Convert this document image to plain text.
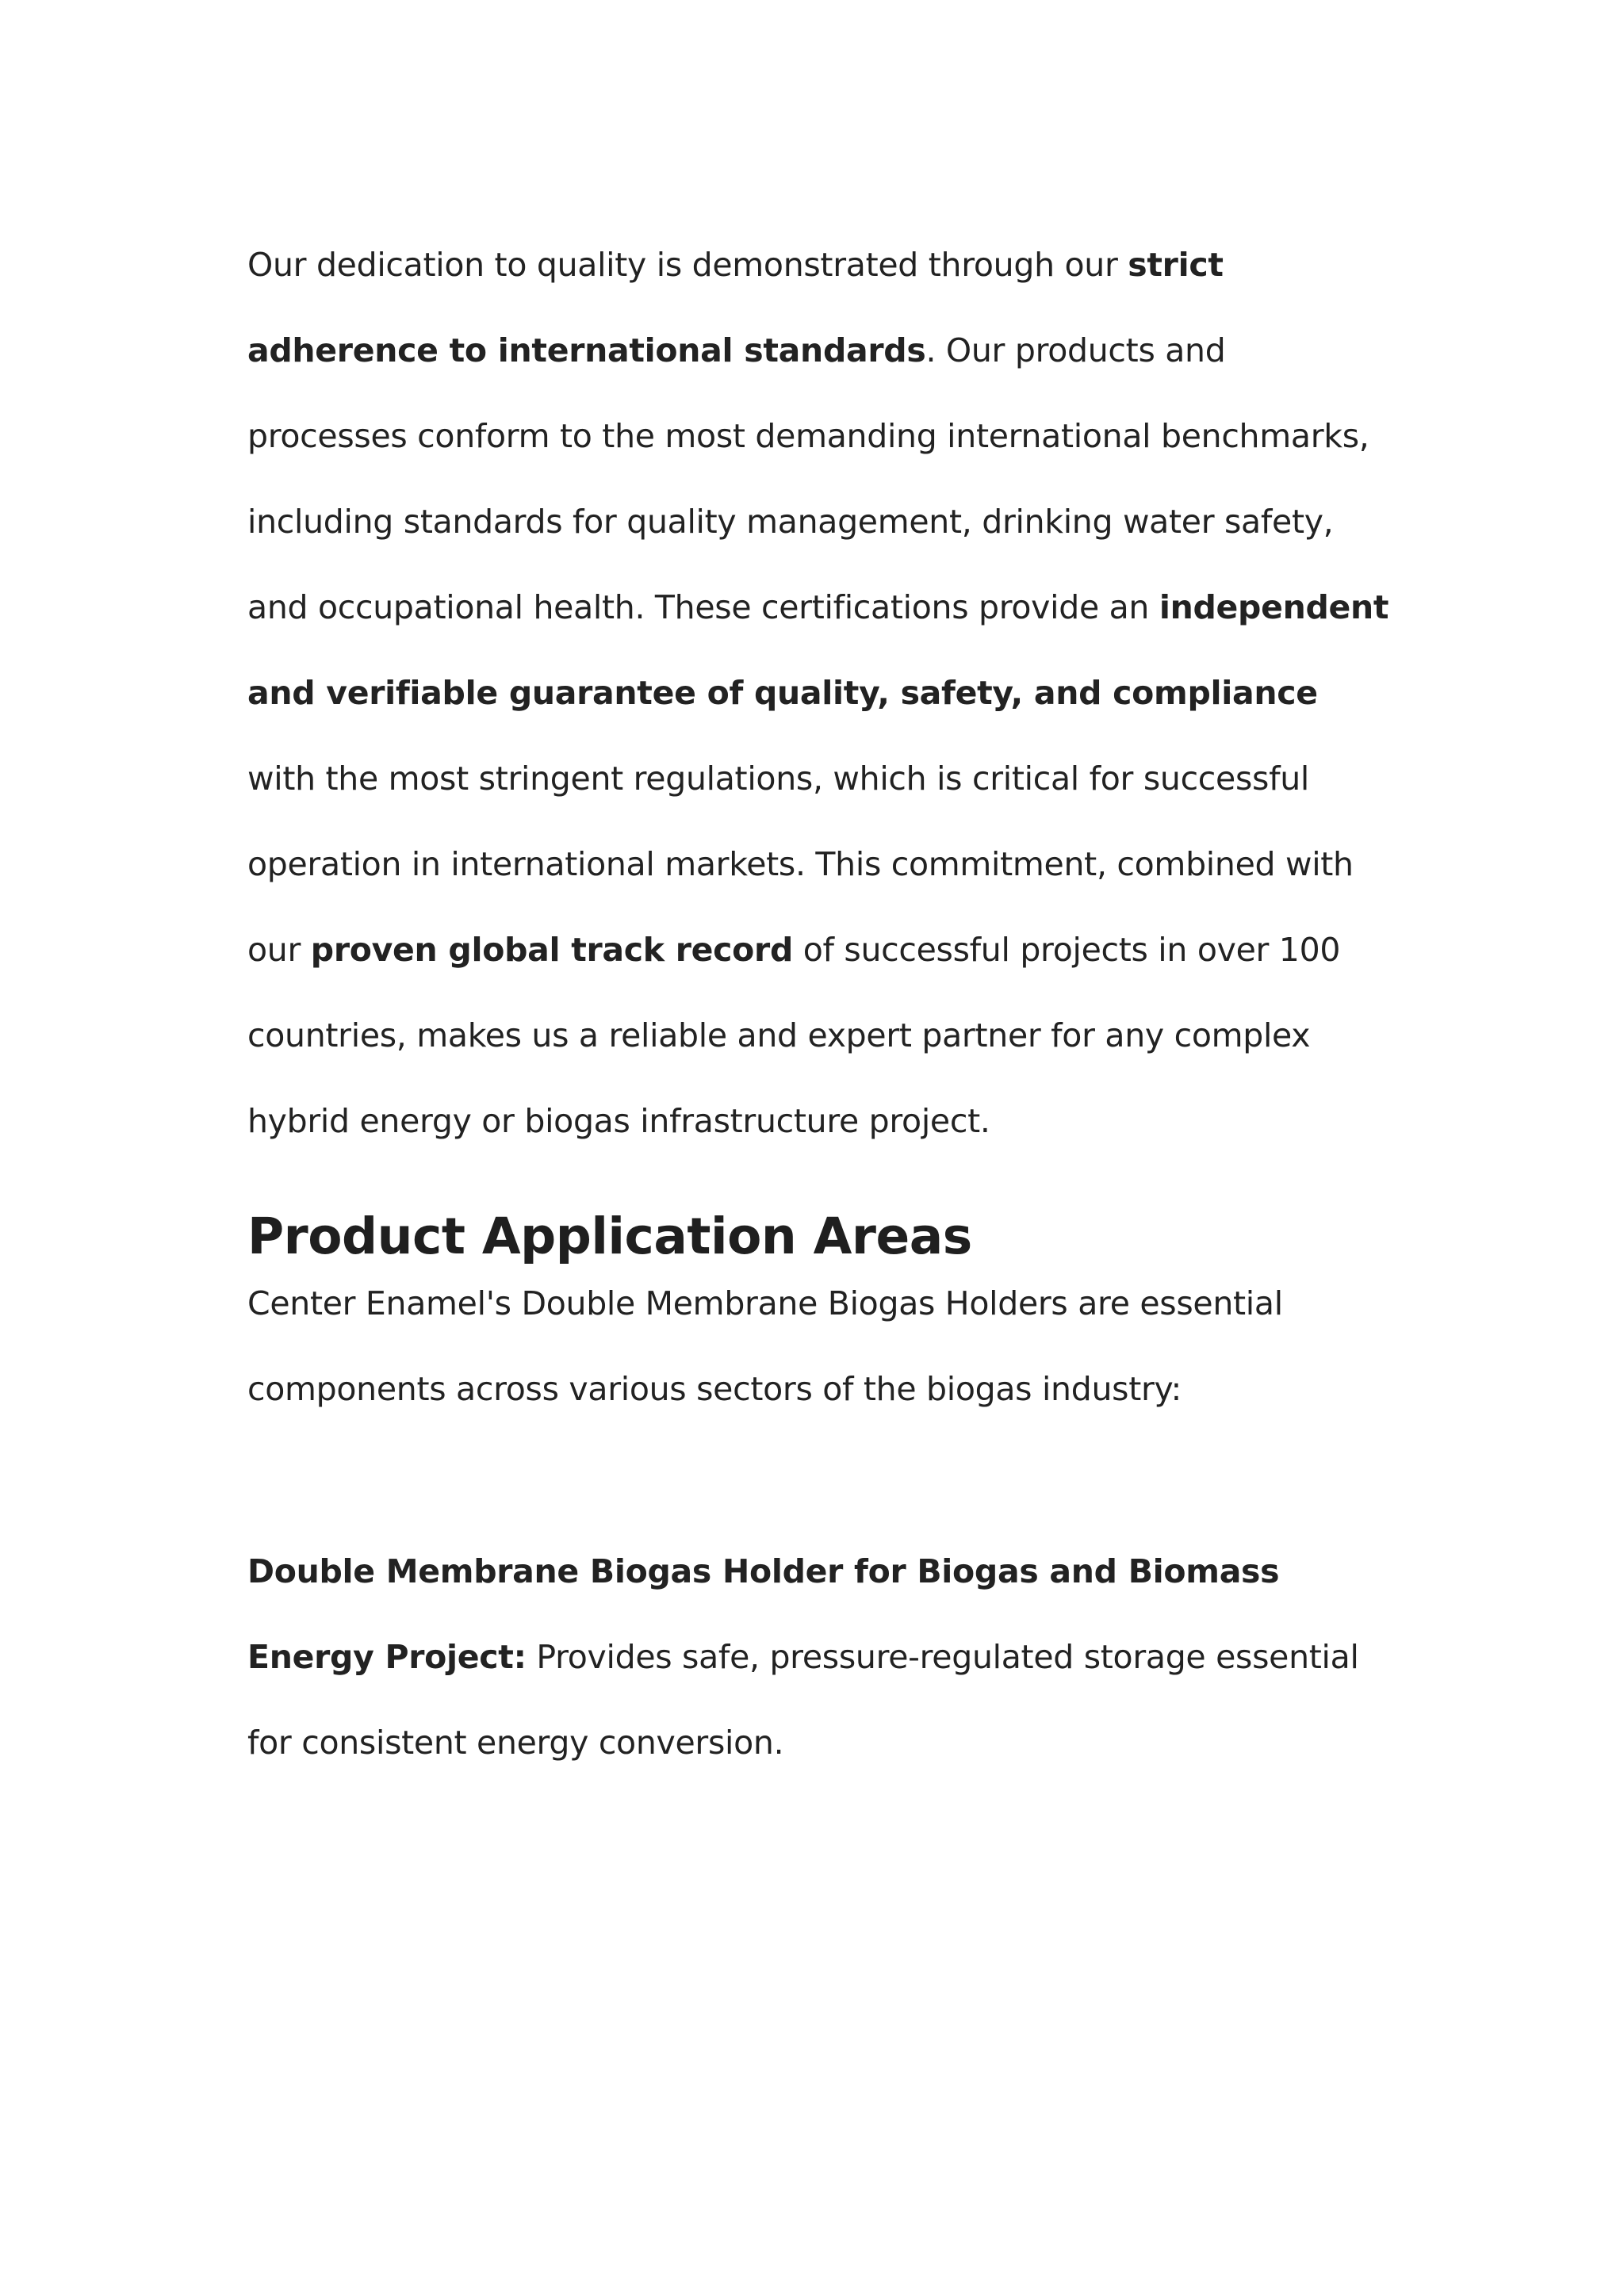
Our dedication to quality is demonstrated through our strict adherence to international standards. Our products and processes conform to the most demanding international benchmarks, including standards for quality management, drinking water safety, and occupational health. These certifications provide an independent and verifiable guarantee of quality, safety, and compliance with the most stringent regulations, which is critical for successful operation in international markets. This commitment, combined with our proven global track record of successful projects in over 100 countries, makes us a reliable and expert partner for any complex hybrid energy or biogas infrastructure project.

Product Application Areas

Center Enamel's Double Membrane Biogas Holders are essential components across various sectors of the biogas industry:

Double Membrane Biogas Holder for Biogas and Biomass Energy Project: Provides safe, pressure-regulated storage essential for consistent energy conversion.
